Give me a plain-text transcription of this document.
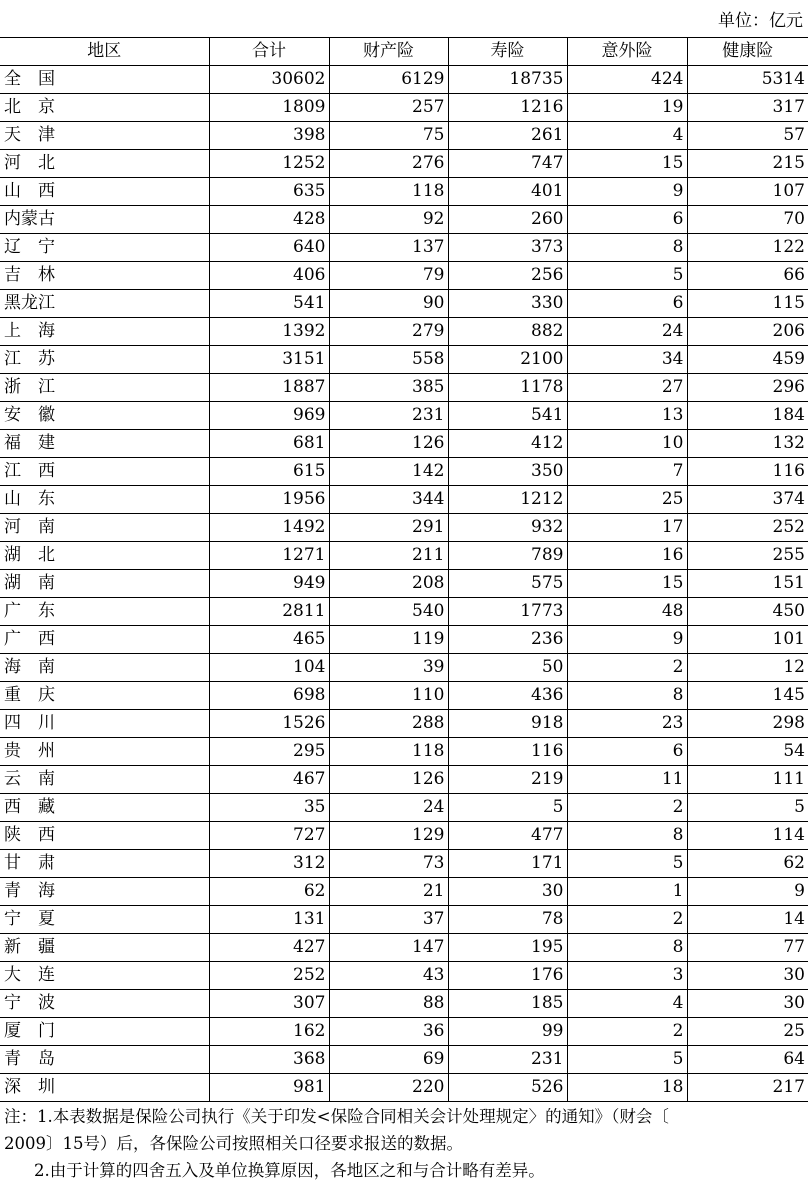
单位：亿元
地区	合计	财产险	寿险	意外险	健康险
全　国	30602	6129	18735	424	5314
北　京	1809	257	1216	19	317
天　津	398	75	261	4	57
河　北	1252	276	747	15	215
山　西	635	118	401	9	107
内蒙古	428	92	260	6	70
辽　宁	640	137	373	8	122
吉　林	406	79	256	5	66
黑龙江	541	90	330	6	115
上　海	1392	279	882	24	206
江　苏	3151	558	2100	34	459
浙　江	1887	385	1178	27	296
安　徽	969	231	541	13	184
福　建	681	126	412	10	132
江　西	615	142	350	7	116
山　东	1956	344	1212	25	374
河　南	1492	291	932	17	252
湖　北	1271	211	789	16	255
湖　南	949	208	575	15	151
广　东	2811	540	1773	48	450
广　西	465	119	236	9	101
海　南	104	39	50	2	12
重　庆	698	110	436	8	145
四　川	1526	288	918	23	298
贵　州	295	118	116	6	54
云　南	467	126	219	11	111
西　藏	35	24	5	2	5
陕　西	727	129	477	8	114
甘　肃	312	73	171	5	62
青　海	62	21	30	1	9
宁　夏	131	37	78	2	14
新　疆	427	147	195	8	77
大　连	252	43	176	3	30
宁　波	307	88	185	4	30
厦　门	162	36	99	2	25
青　岛	368	69	231	5	64
深　圳	981	220	526	18	217

注：1.本表数据是保险公司执行《关于印发<保险合同相关会计处理规定〉的通知》（财会〔

2009〕15号）后，各保险公司按照相关口径要求报送的数据。

2.由于计算的四舍五入及单位换算原因，各地区之和与合计略有差异。
